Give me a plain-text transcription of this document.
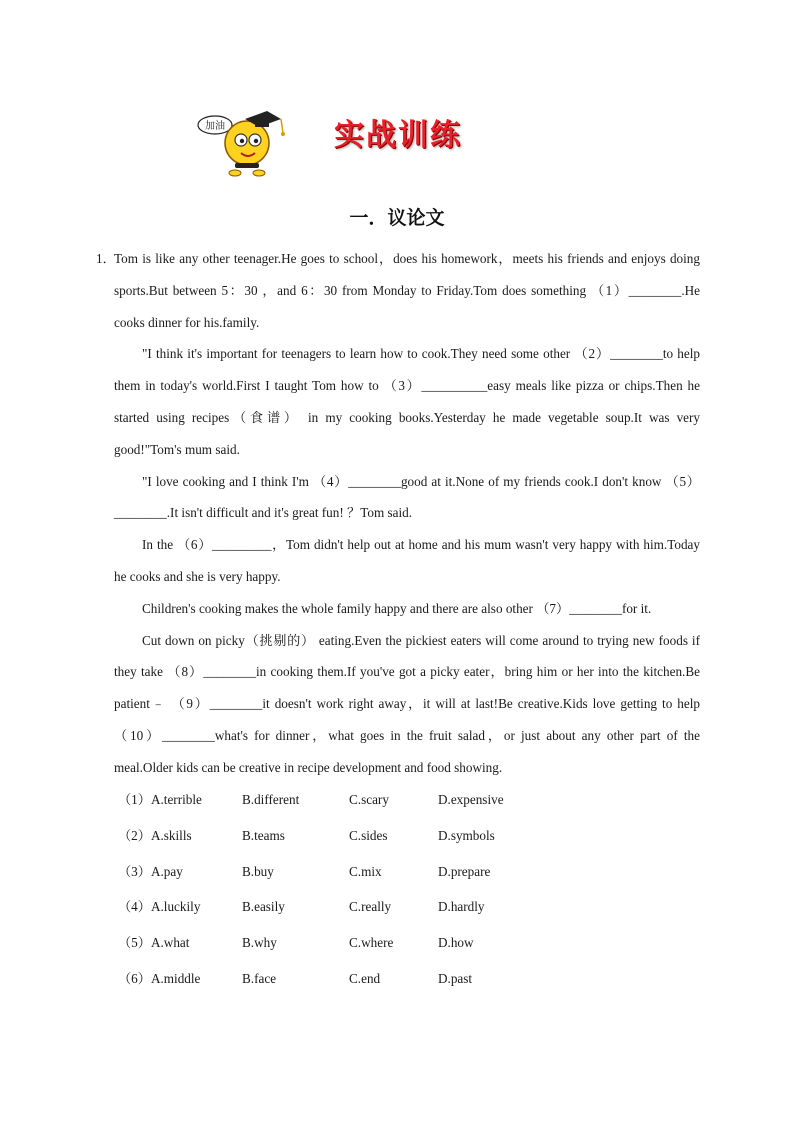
加油	实战训练
一．议论文

1．Tom is like any other teenager.He goes to school，does his homework，meets his friends and enjoys doing sports.But between 5：30 ，and 6：30 from Monday to Friday.Tom does something （1）________.He cooks dinner for his.family.

"I think it's important for teenagers to learn how to cook.They need some other （2）________to help them in today's world.First I taught Tom how to （3）__________easy meals like pizza or chips.Then he started using recipes（食谱） in my cooking books.Yesterday he made vegetable soup.It was very good!"Tom's mum said.

"I love cooking and I think I'm （4）________good at it.None of my friends cook.I don't know （5）________.It isn't difficult and it's great fun! ？Tom said.

In the （6）_________，Tom didn't help out at home and his mum wasn't very happy with him.Today he cooks and she is very happy.

Children's cooking makes the whole family happy and there are also other （7）________for it.

Cut down on picky（挑剔的） eating.Even the pickiest eaters will come around to trying new foods if they take （8）________in cooking them.If you've got a picky eater，bring him or her into the kitchen.Be patient﹣ （9）________it doesn't work right away，it will at last!Be creative.Kids love getting to help （10）________what's for dinner，what goes in the fruit salad，or just about any other part of the meal.Older kids can be creative in recipe development and food showing.

（1）A.terrible	B.different	C.scary	D.expensive
（2）A.skills	B.teams	C.sides	D.symbols
（3）A.pay	B.buy	C.mix	D.prepare
（4）A.luckily	B.easily	C.really	D.hardly
（5）A.what	B.why	C.where	D.how
（6）A.middle	B.face	C.end	D.past
